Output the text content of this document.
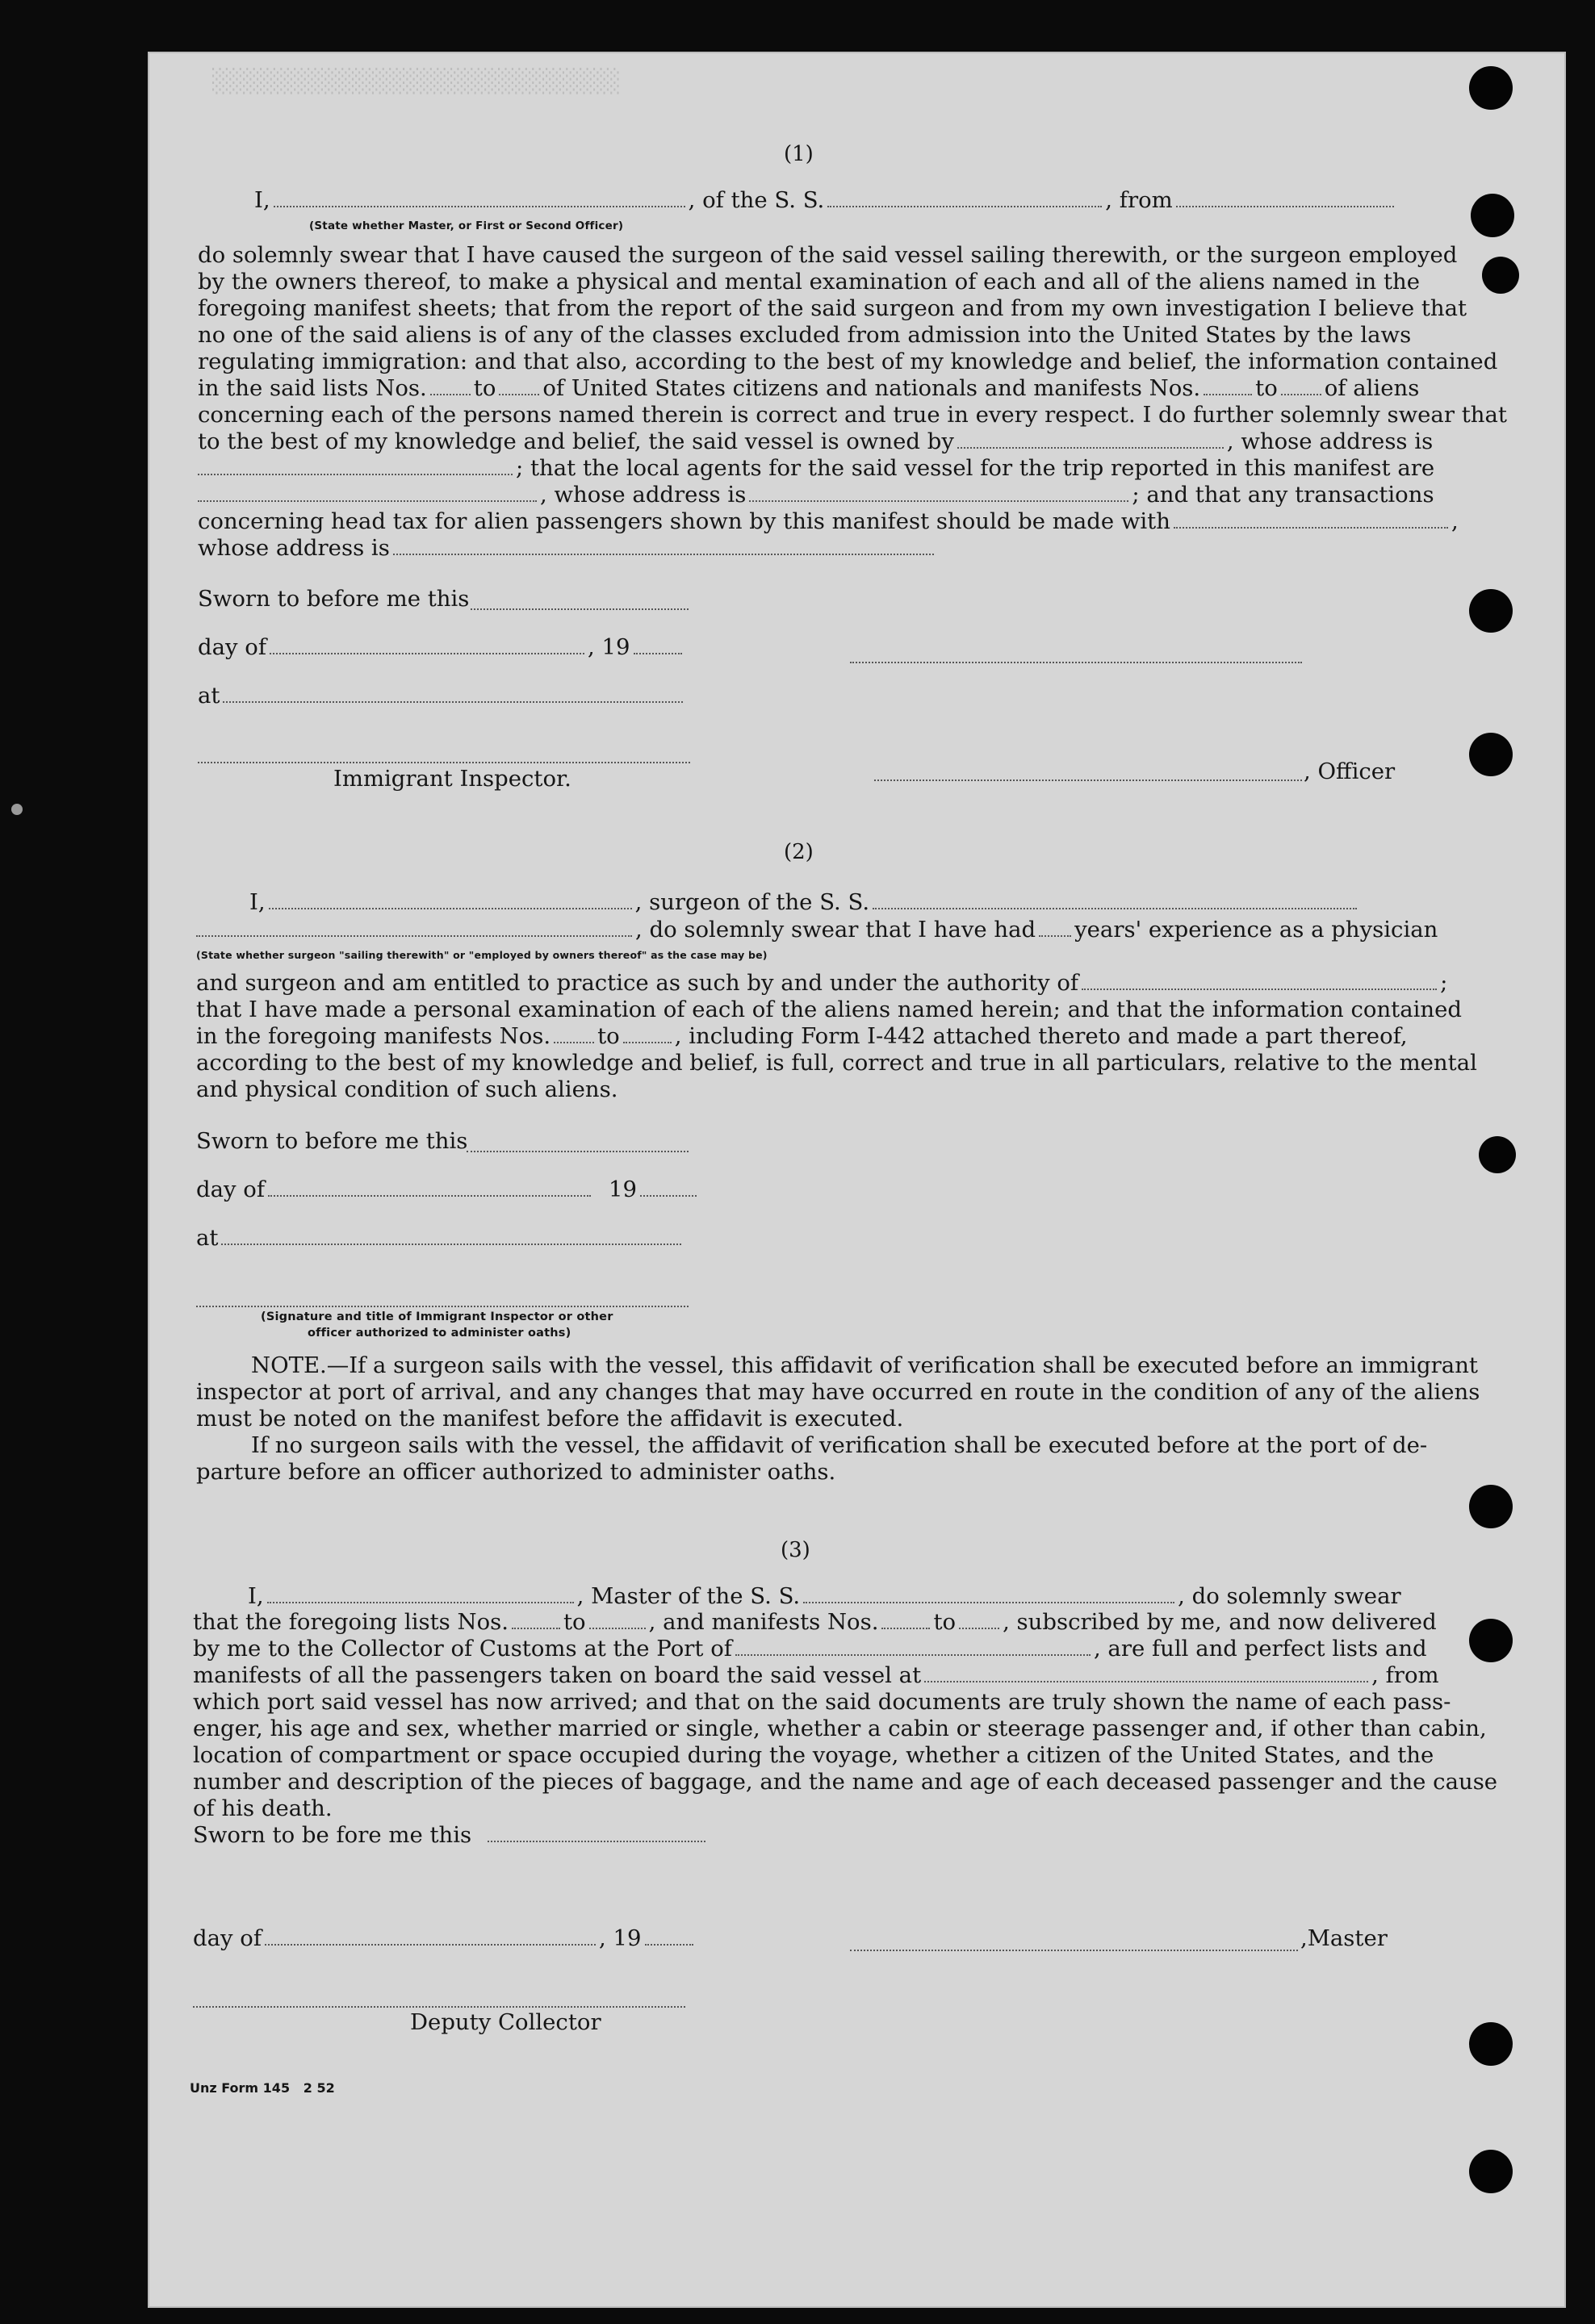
░░░░░░░░░░░░░░░░░░░░░░░░░░░░░░
(1)
I,	, of the S. S.	, from
(State whether Master, or First or Second Officer)
do solemnly swear that I have caused the surgeon of the said vessel sailing therewith, or the surgeon employed
by the owners thereof, to make a physical and mental examination of each and all of the aliens named in the
foregoing manifest sheets; that from the report of the said surgeon and from my own investigation I believe that
no one of the said aliens is of any of the classes excluded from admission into the United States by the laws
regulating immigration: and that also, according to the best of my knowledge and belief, the information contained
in the said lists Nos. to of United States citizens and nationals and manifests Nos. to of aliens
concerning each of the persons named therein is correct and true in every respect. I do further solemnly swear that
to the best of my knowledge and belief, the said vessel is owned by	, whose address is
; that the local agents for the said vessel for the trip reported in this manifest are
, whose address is	; and that any transactions
concerning head tax for alien passengers shown by this manifest should be made with	,
whose address is
Sworn to before me this
day of	, 19
at
Immigrant Inspector.	, Officer
(2)
I,	, surgeon of the S. S.
, do solemnly swear that I have had years' experience as a physician
(State whether surgeon "sailing therewith" or "employed by owners thereof" as the case may be)
and surgeon and am entitled to practice as such by and under the authority of	;
that I have made a personal examination of each of the aliens named herein; and that the information contained
in the foregoing manifests Nos. to , including Form I-442 attached thereto and made a part thereof,
according to the best of my knowledge and belief, is full, correct and true in all particulars, relative to the mental
and physical condition of such aliens.
Sworn to before me this
day of	19
at
(Signature and title of Immigrant Inspector or other
officer authorized to administer oaths)
NOTE.—If a surgeon sails with the vessel, this affidavit of verification shall be executed before an immigrant
inspector at port of arrival, and any changes that may have occurred en route in the condition of any of the aliens
must be noted on the manifest before the affidavit is executed.
If no surgeon sails with the vessel, the affidavit of verification shall be executed before at the port of de-
parture before an officer authorized to administer oaths.
(3)
I,	, Master of the S. S.	, do solemnly swear
that the foregoing lists Nos. to	, and manifests Nos. to , subscribed by me, and now delivered
by me to the Collector of Customs at the Port of	, are full and perfect lists and
manifests of all the passengers taken on board the said vessel at	, from
which port said vessel has now arrived; and that on the said documents are truly shown the name of each pass-
enger, his age and sex, whether married or single, whether a cabin or steerage passenger and, if other than cabin,
location of compartment or space occupied during the voyage, whether a citizen of the United States, and the
number and description of the pieces of baggage, and the name and age of each deceased passenger and the cause
of his death.
Sworn to be fore me this
day of	, 19	,Master
Deputy Collector
Unz Form 145   2 52
